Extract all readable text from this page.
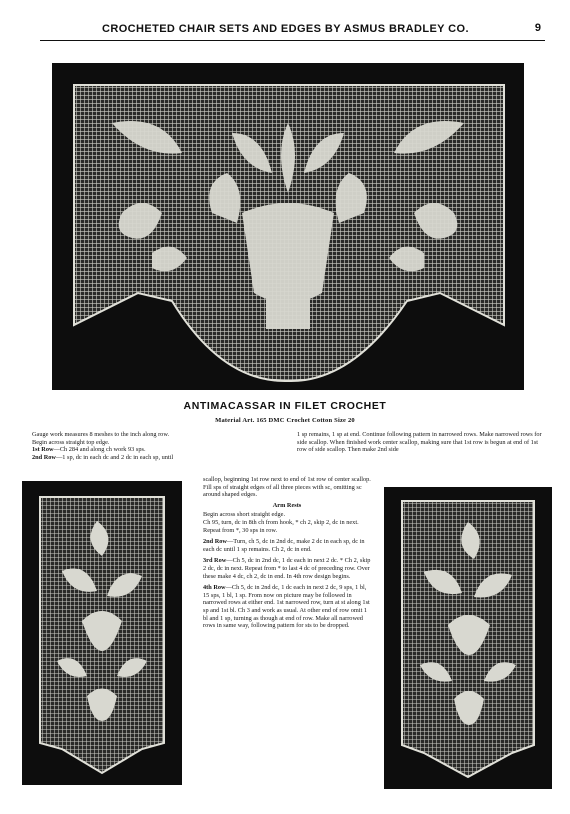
CROCHETED CHAIR SETS AND EDGES BY ASMUS BRADLEY CO.	9
ANTIMACASSAR IN FILET CROCHET
Material Art. 165 DMC Crochet Cotton Size 20

Gauge work measures 8 meshes to the inch along row.

Begin across straight top edge.

1st Row—Ch 284 and along ch work 93 sps.

2nd Row—1 sp, dc in each dc and 2 dc in each sp, until

1 sp remains, 1 sp at end. Continue following pattern in narrowed rows. Make narrowed rows for side scallop. When finished work center scallop, making sure that 1st row is begun at end of 1st row of side scallop. Then make 2nd side

scallop, beginning 1st row next to end of 1st row of center scallop. Fill sps of straight edges of all three pieces with sc, omitting sc around shaped edges.

Arm Rests

Begin across short straight edge.

Ch 95, turn, dc in 8th ch from hook, * ch 2, skip 2, dc in next. Repeat from *, 30 sps in row.

2nd Row—Turn, ch 5, dc in 2nd dc, make 2 dc in each sp, dc in each dc until 1 sp remains. Ch 2, dc in end.

3rd Row—Ch 5, dc in 2nd dc, 1 dc each in next 2 dc. * Ch 2, skip 2 dc, dc in next. Repeat from * to last 4 dc of preceding row. Over these make 4 dc, ch 2, dc in end. In 4th row design begins.

4th Row—Ch 5, dc in 2nd dc, 1 dc each in next 2 dc, 9 sps, 1 bl, 15 sps, 1 bl, 1 sp. From now on picture may be followed in narrowed rows at either end. 1st narrowed row, turn at st along 1st sp and 1st bl. Ch 3 and work as usual. At other end of row omit 1 bl and 1 sp, turning as though at end of row. Make all narrowed rows in same way, following pattern for sts to be dropped.
